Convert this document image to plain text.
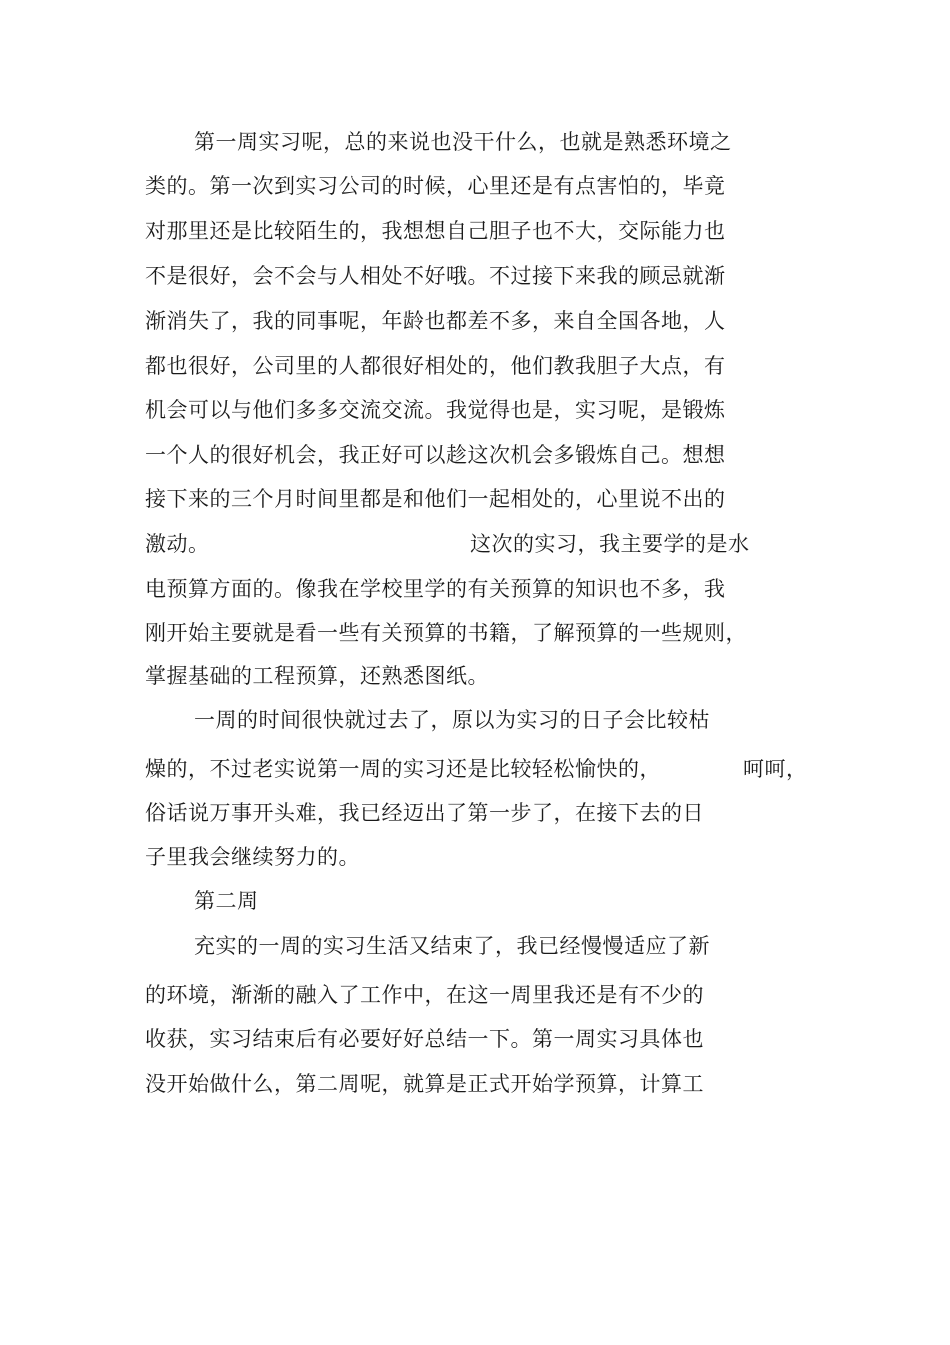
第一周实习呢，总的来说也没干什么，也就是熟悉环境之
类的。第一次到实习公司的时候，心里还是有点害怕的，毕竟
对那里还是比较陌生的，我想想自己胆子也不大，交际能力也
不是很好，会不会与人相处不好哦。不过接下来我的顾忌就渐
渐消失了，我的同事呢，年龄也都差不多，来自全国各地，人
都也很好，公司里的人都很好相处的，他们教我胆子大点，有
机会可以与他们多多交流交流。我觉得也是，实习呢，是锻炼
一个人的很好机会，我正好可以趁这次机会多锻炼自己。想想
接下来的三个月时间里都是和他们一起相处的，心里说不出的
激动。	这次的实习，我主要学的是水
电预算方面的。像我在学校里学的有关预算的知识也不多，我
刚开始主要就是看一些有关预算的书籍，了解预算的一些规则，
掌握基础的工程预算，还熟悉图纸。
一周的时间很快就过去了，原以为实习的日子会比较枯
燥的，不过老实说第一周的实习还是比较轻松愉快的，	呵呵，
俗话说万事开头难，我已经迈出了第一步了，在接下去的日
子里我会继续努力的。
第二周
充实的一周的实习生活又结束了，我已经慢慢适应了新
的环境，渐渐的融入了工作中，在这一周里我还是有不少的
收获，实习结束后有必要好好总结一下。第一周实习具体也
没开始做什么，第二周呢，就算是正式开始学预算，计算工
